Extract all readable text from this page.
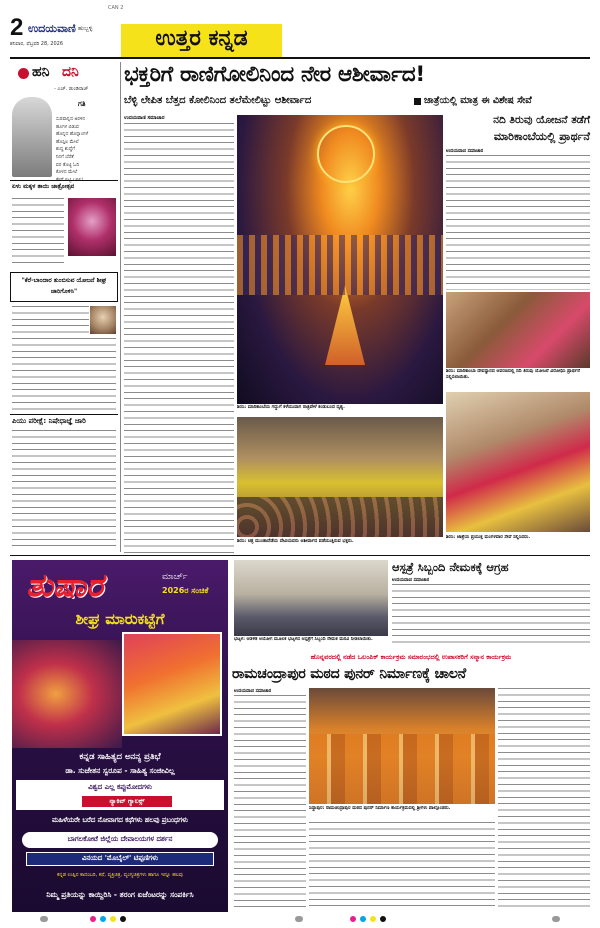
2
CAN 2
ಉದಯವಾಣಿ ಹುಬ್ಬಳ್ಳಿ
ಶನಿವಾರ, ಫೆಬ್ರವರಿ 28, 2026	ಉತ್ತರ ಕನ್ನಡ
ಹನಿ ದನಿ
- ಎಚ್. ಡುಂಡಿರಾಜ್
ಗತಿ
ಸುರಪಾನ್ನದ ಅರಳಿನ
ಹೂಗಳ ಬಿಡುವ
ಹೊನ್ನದ ಹೊನ್ನಾಂಗಳೆ
ಹೊಸ್ತಿಲ ಮೇಲೆ
ಶುದ್ಧ ಶುದ್ಧೆಗೆ
ನಿನಗೆ ಬೆರೆತೆ
ವರ ತೊಟ್ಟಿ ಓದಿ
ಕೊಳದ ಮೇಲೆ
ಏಳು ಮಕ್ಕಳ ತಾಯಿ ಜಾತ್ರೋತ್ಸವ
"ಕೆರೆ-ಬಾಂದಾರ ತುಂಬಿಸುವ ಯೋಜನೆ ಶೀಘ್ರ ಜಾರಿಗೊಳಿಸಿ"
ಪಿಯು ಪರೀಕ್ಷೆ: ನಿಷೇಧಾಜ್ಞೆ ಜಾರಿ
ಭಕ್ತರಿಗೆ ರಾಣಿಗೋಲಿನಿಂದ ನೇರ ಆಶೀರ್ವಾದ!
ಬೆಳ್ಳಿ ಲೇಪಿತ ಬೆತ್ತದ ಕೋಲಿನಿಂದ ತಲೆಮೇಲಿಟ್ಟು ಆಶೀರ್ವಾದ	ಜಾತ್ರೆಯಲ್ಲಿ ಮಾತ್ರ ಈ ವಿಶೇಷ ಸೇವೆ
ಉದಯವಾಣಿ ಸಮಾಚಾರ
ಶಿರಸಿ: ಮಾರಿಕಾಂಬೆಯ ಗದ್ದುಗೆ ಕಳೆಯುವಾಗ ರಾತ್ರಿವೇಳೆ ಕಂಡುಬಂದ ದೃಶ್ಯ.
ಶಿರಸಿ: ಚಿತ್ರ ಮುಂತಾದೆಡೆಯ ದೇವಿಯವರು ಆಶೀರ್ವಾದ ಪಡೆಯುತ್ತಿರುವ ಭಕ್ತರು.
ನದಿ ತಿರುವು ಯೋಜನೆ ತಡೆಗೆ
ಮಾರಿಕಾಂಬೆಯಲ್ಲಿ ಪ್ರಾರ್ಥನೆ
ಉದಯವಾಣಿ ಸಮಾಚಾರ
ಶಿರಸಿ: ಮಾರಿಕಾಂಬಾ ದೇವಸ್ಥಾನದ ಆವರಣದಲ್ಲಿ ನದಿ ತಿರುವು ಯೋಜನೆ ವಿರೋಧಿಸಿ ಪ್ರಾರ್ಥನೆ ಸಲ್ಲಿಸಲಾಯಿತು.
ಶಿರಸಿ: ಜಾತ್ರೆಯ ಪ್ರಯುಕ್ತ ಮಂಗಳವಾರ ಸೇವೆ ಸಲ್ಲಿಸಿದರು.
ತುಷಾರ	ಮಾರ್ಚ್
2026ರ ಸಂಚಿಕೆ
ಶೀಘ್ರ ಮಾರುಕಟ್ಟೆಗೆ
ಕನ್ನಡ ಸಾಹಿತ್ಯದ ಅನನ್ಯ ಪ್ರತಿಭೆ
ಡಾ. ಸುಜೇತನ ಸ್ವರೂಪ - ಸಾಹಿತ್ಯ ಸಂಜೀವಿಲ್ಲ
ವಿಶ್ವದ ಎಲ್ಲ ಕಪ್ಪುಮೋದಗಳು
ನ್ಯಾಕಿವ್ ಗ್ಯಾಲಕ್ಸ್
ಮಹಿಳೆಯರೇ ಬರೆದ ನೋವಾಗದ ಕಥೆಗಳು ಹಲವು ಪ್ರಬಂಧಗಳು
ಬಾಗಲಕೋಟೆ ಜಿಲ್ಲೆಯ ದೇವಾಲಯಗಳ ದರ್ಶನ
ವಿನಯದ 'ಮೊಬೈಲ್' ಟಿಪ್ಪಣಿಗಳು
ಕನ್ನಡ ಉಪ್ಪಿನ ಕಾದಂಬರಿ, ಕಥೆ, ವ್ಯಕ್ತಿಚಿತ್ರ, ವ್ಯಂಗ್ಯಚಿತ್ರಗಳು ಹಾಗೂ ಇನ್ನೂ ಹಲವು
ನಿಮ್ಮ ಪ್ರತಿಯನ್ನು ಕಾಯ್ದಿರಿಸಿ - ತರಂಗ ಏಜೆಂಟರನ್ನು ಸಂಪರ್ಕಿಸಿ
ಭಟ್ಕಳ: ಆಡಳಿತ ಆಯೋಗ ಮೂಲಕ ಭಟ್ಕಳದ ಆಸ್ಪತ್ರೆಗೆ ಸಿಬ್ಬಂದಿ ನೇಮಕ ಮನವಿ ನೀಡಲಾಯಿತು.
ಆಸ್ಪತ್ರೆ ಸಿಬ್ಬಂದಿ ನೇಮಕಕ್ಕೆ ಆಗ್ರಹ
ಉದಯವಾಣಿ ಸಮಾಚಾರ
ಹೊನ್ನವರದಲ್ಲಿ ನಡೆದ ಒಲಂಪಿಕ್ ಕಾರ್ಯಕ್ರಮ ಸಮಾರಂಭದಲ್ಲಿ ಉಪಾಸಕರಿಗೆ ಸನ್ಮಾನ ಕಾರ್ಯಕ್ರಮ
ರಾಮಚಂದ್ರಾಪುರ ಮಠದ ಪುನರ್ ನಿರ್ಮಾಣಕ್ಕೆ ಚಾಲನೆ
ಉದಯವಾಣಿ ಸಮಾಚಾರ
ಸಿದ್ದಾಪುರ: ರಾಮಚಂದ್ರಾಪುರ ಮಠದ ಪುನರ್ ನಿರ್ಮಾಣ ಕಾರ್ಯಕ್ರಮದಲ್ಲಿ ಶ್ರೀಗಳು ಪಾಲ್ಗೊಂಡರು.
